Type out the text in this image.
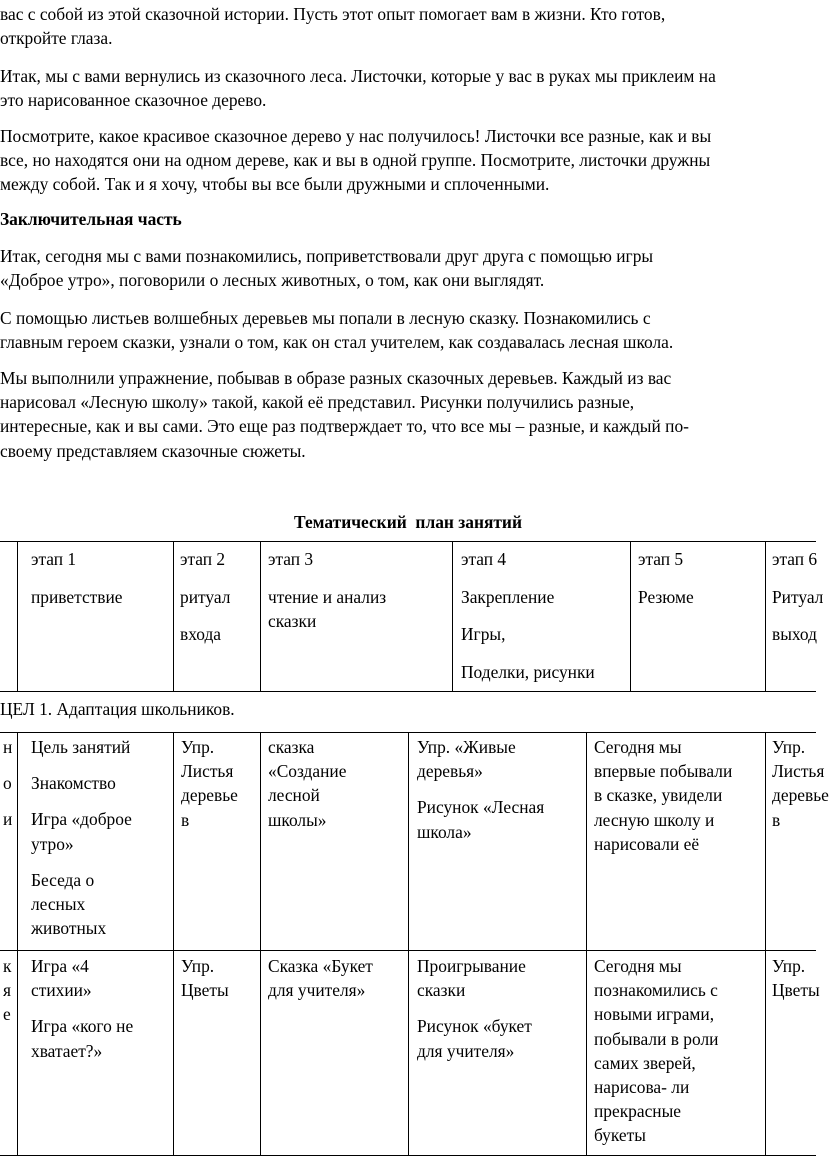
вас с собой из этой сказочной истории. Пусть этот опыт помогает вам в жизни. Кто готов,
откройте глаза.
Итак, мы с вами вернулись из сказочного леса. Листочки, которые у вас в руках мы приклеим на
это нарисованное сказочное дерево.
Посмотрите, какое красивое сказочное дерево у нас получилось! Листочки все разные, как и вы
все, но находятся они на одном дереве, как и вы в одной группе. Посмотрите, листочки дружны
между собой. Так и я хочу, чтобы вы все были дружными и сплоченными.
Заключительная часть
Итак, сегодня мы с вами познакомились, поприветствовали друг друга с помощью игры
«Доброе утро», поговорили о лесных животных, о том, как они выглядят.
С помощью листьев волшебных деревьев мы попали в лесную сказку. Познакомились с
главным героем сказки, узнали о том, как он стал учителем, как создавалась лесная школа.
Мы выполнили упражнение, побывав в образе разных сказочных деревьев. Каждый из вас
нарисовал «Лесную школу» такой, какой её представил. Рисунки получились разные,
интересные, как и вы сами. Это еще раз подтверждает то, что все мы – разные, и каждый по-
своему представляем сказочные сюжеты.
Тематический  план занятий

этап 1

приветствие

этап 2

ритуал

входа

этап 3

чтение и анализ

сказки

этап 4

Закрепление

Игры,

Поделки, рисунки

этап 5

Резюме

этап 6

Ритуал

выход

ЦЕЛ 1. Адаптация школьников.

н

о

и

Цель занятий

Знакомство

Игра «доброе

утро»

Беседа о

лесных

животных

Упр.

Листья

деревье

в

сказка

«Создание

лесной

школы»

Упр. «Живые

деревья»

Рисунок «Лесная

школа»

Сегодня мы

впервые побывали

в сказке, увидели

лесную школу и

нарисовали её

Упр.

Листья

деревье

в

к

я

е

Игра «4

стихии»

Игра «кого не

хватает?»

Упр.

Цветы

Сказка «Букет

для учителя»

Проигрывание

сказки

Рисунок «букет

для учителя»

Сегодня мы

познакомились с

новыми играми,

побывали в роли

самих зверей,

нарисова- ли

прекрасные

букеты

Упр.

Цветы
